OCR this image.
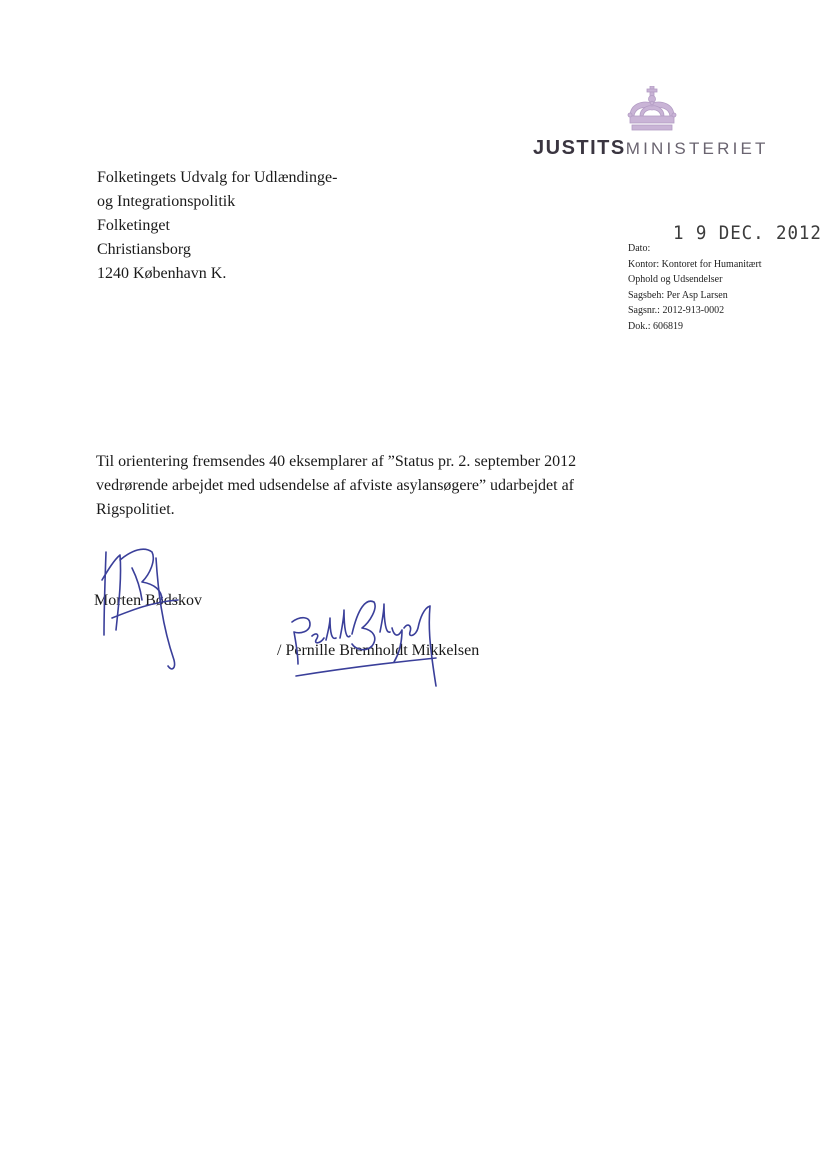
JUSTITSMINISTERIET
Folketingets Udvalg for Udlændinge-
og Integrationspolitik
Folketinget
Christiansborg
1240 København K.
1 9 DEC. 2012
Dato:
Kontor: Kontoret for Humanitært
Ophold og Udsendelser
Sagsbeh: Per Asp Larsen
Sagsnr.: 2012-913-0002
Dok.: 606819
Til orientering fremsendes 40 eksemplarer af ”Status pr. 2. september 2012
vedrørende arbejdet med udsendelse af afviste asylansøgere” udarbejdet af
Rigspolitiet.
Morten Bødskov
/ Pernille Bremholdt Mikkelsen
